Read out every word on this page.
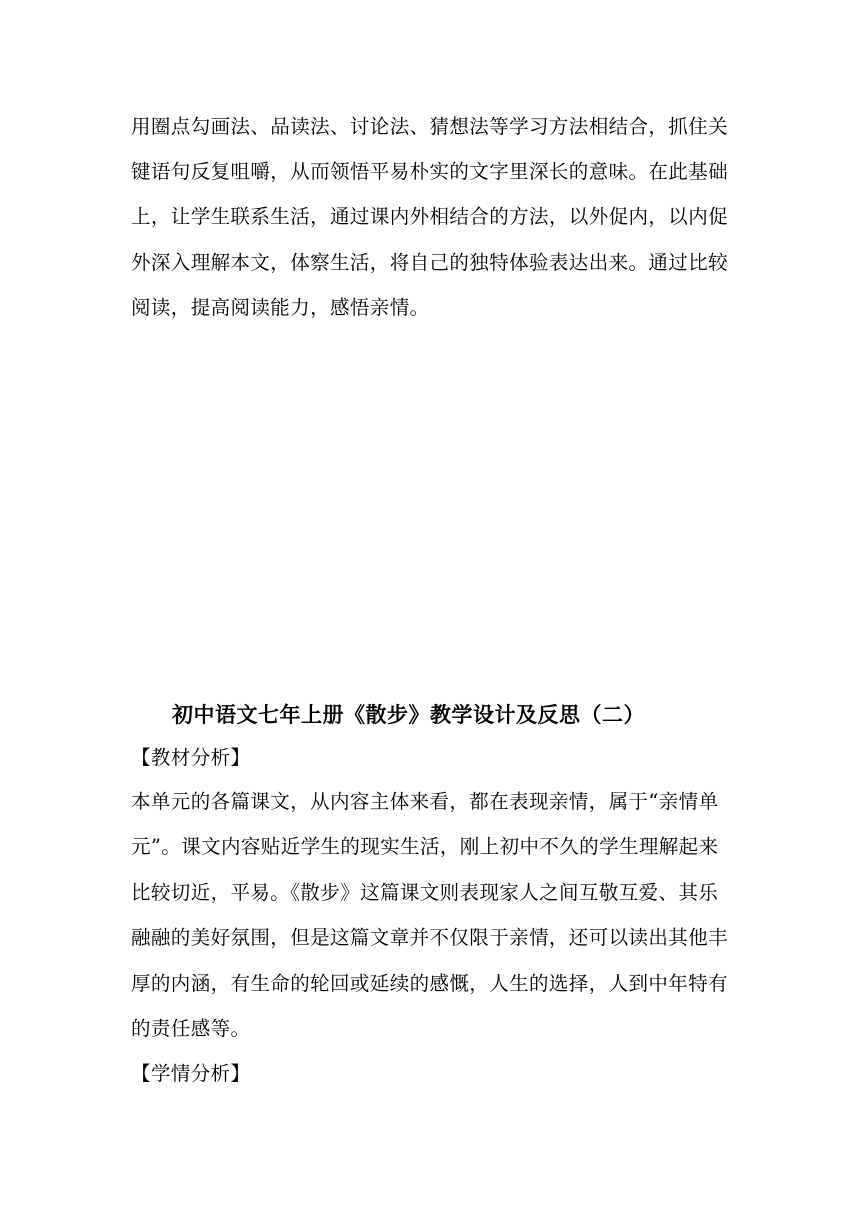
用圈点勾画法、品读法、讨论法、猜想法等学习方法相结合，抓住关
键语句反复咀嚼，从而领悟平易朴实的文字里深长的意味。在此基础
上，让学生联系生活，通过课内外相结合的方法，以外促内，以内促
外深入理解本文，体察生活，将自己的独特体验表达出来。通过比较
阅读，提高阅读能力，感悟亲情。
初中语文七年上册《散步》教学设计及反思（二）
【教材分析】
本单元的各篇课文，从内容主体来看，都在表现亲情，属于“亲情单
元”。课文内容贴近学生的现实生活，刚上初中不久的学生理解起来
比较切近，平易。《散步》这篇课文则表现家人之间互敬互爱、其乐
融融的美好氛围，但是这篇文章并不仅限于亲情，还可以读出其他丰
厚的内涵，有生命的轮回或延续的感慨，人生的选择，人到中年特有
的责任感等。
【学情分析】
